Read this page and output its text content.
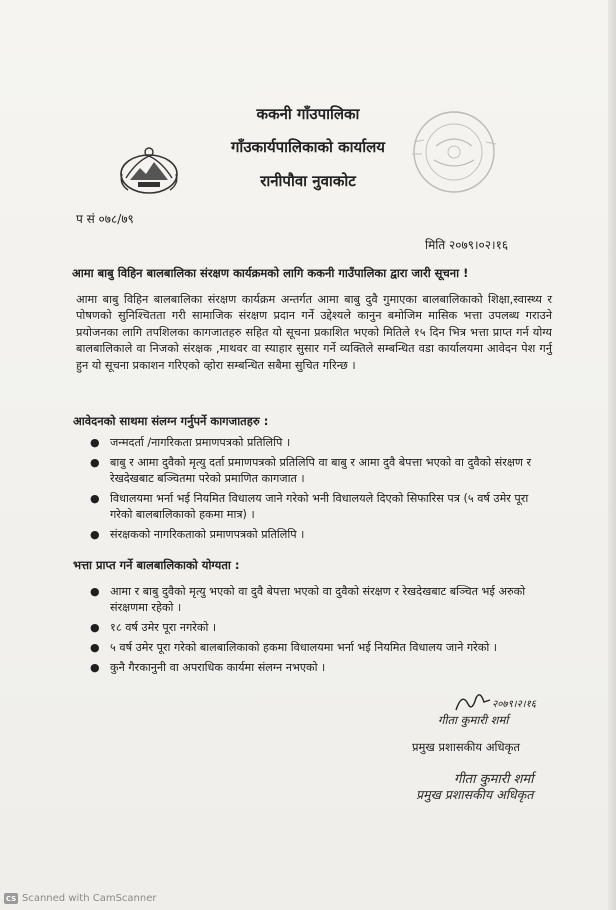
ककनी गाँउपालिका
गाँउकार्यपालिकाको कार्यालय
रानीपौवा नुवाकोट
प सं ०७८/७९
मिति २०७९।०२।१६
आमा बाबु विहिन बालबालिका संरक्षण कार्यक्रमको लागि ककनी गाउँपालिका द्वारा जारी सूचना !
आमा बाबु विहिन बालबालिका संरक्षण कार्यक्रम अन्तर्गत आमा बाबु दुवै गुमाएका बालबालिकाको शिक्षा,स्वास्थ्य र पोषणको सुनिश्चितता गरी सामाजिक संरक्षण प्रदान गर्ने उद्देश्यले कानुन बमोजिम मासिक भत्ता उपलब्ध गराउने प्रयोजनका लागि तपशिलका कागजातहरु सहित यो सूचना प्रकाशित भएको मितिले १५ दिन भित्र भत्ता प्राप्त गर्न योग्य बालबालिकाले वा निजको संरक्षक ,माथवर वा स्याहार सुसार गर्ने व्यक्तिले सम्बन्धित वडा कार्यालयमा आवेदन पेश गर्नु हुन यो सूचना प्रकाशन गरिएको व्होरा सम्बन्धित सबैमा सुचित गरिन्छ ।
आवेदनको साथमा संलग्न गर्नुपर्ने कागजातहरु :
● जन्मदर्ता /नागरिकता प्रमाणपत्रको प्रतिलिपि ।
● बाबु र आमा दुवैको मृत्यु दर्ता प्रमाणपत्रको प्रतिलिपि वा बाबु र आमा दुवै बेपत्ता भएको वा दुवैको संरक्षण र रेखदेखबाट बञ्चितमा परेको प्रमाणित कागजात ।
● विधालयमा भर्ना भई नियमित विधालय जाने गरेको भनी विधालयले दिएको सिफारिस पत्र (५ वर्ष उमेर पूरा गरेको बालबालिकाको हकमा मात्र) ।
● संरक्षकको नागरिकताको प्रमाणपत्रको प्रतिलिपि ।
भत्ता प्राप्त गर्ने बालबालिकाको योग्यता :
● आमा र बाबु दुवैको मृत्यु भएको वा दुवै बेपत्ता भएको वा दुवैको संरक्षण र रेखदेखबाट बञ्चित भई अरुको संरक्षणमा रहेको ।
● १८ वर्ष उमेर पूरा नगरेको ।
● ५ वर्ष उमेर पूरा गरेको बालबालिकाको हकमा विधालयमा भर्ना भई नियमित विधालय जाने गरेको ।
● कुनै गैरकानुनी वा अपराधिक कार्यमा संलग्न नभएको ।
२०७९।२।१६
गीता कुमारी शर्मा
प्रमुख प्रशासकीय अधिकृत
गीता कुमारी शर्मा
प्रमुख प्रशासकीय अधिकृत
CS Scanned with CamScanner
